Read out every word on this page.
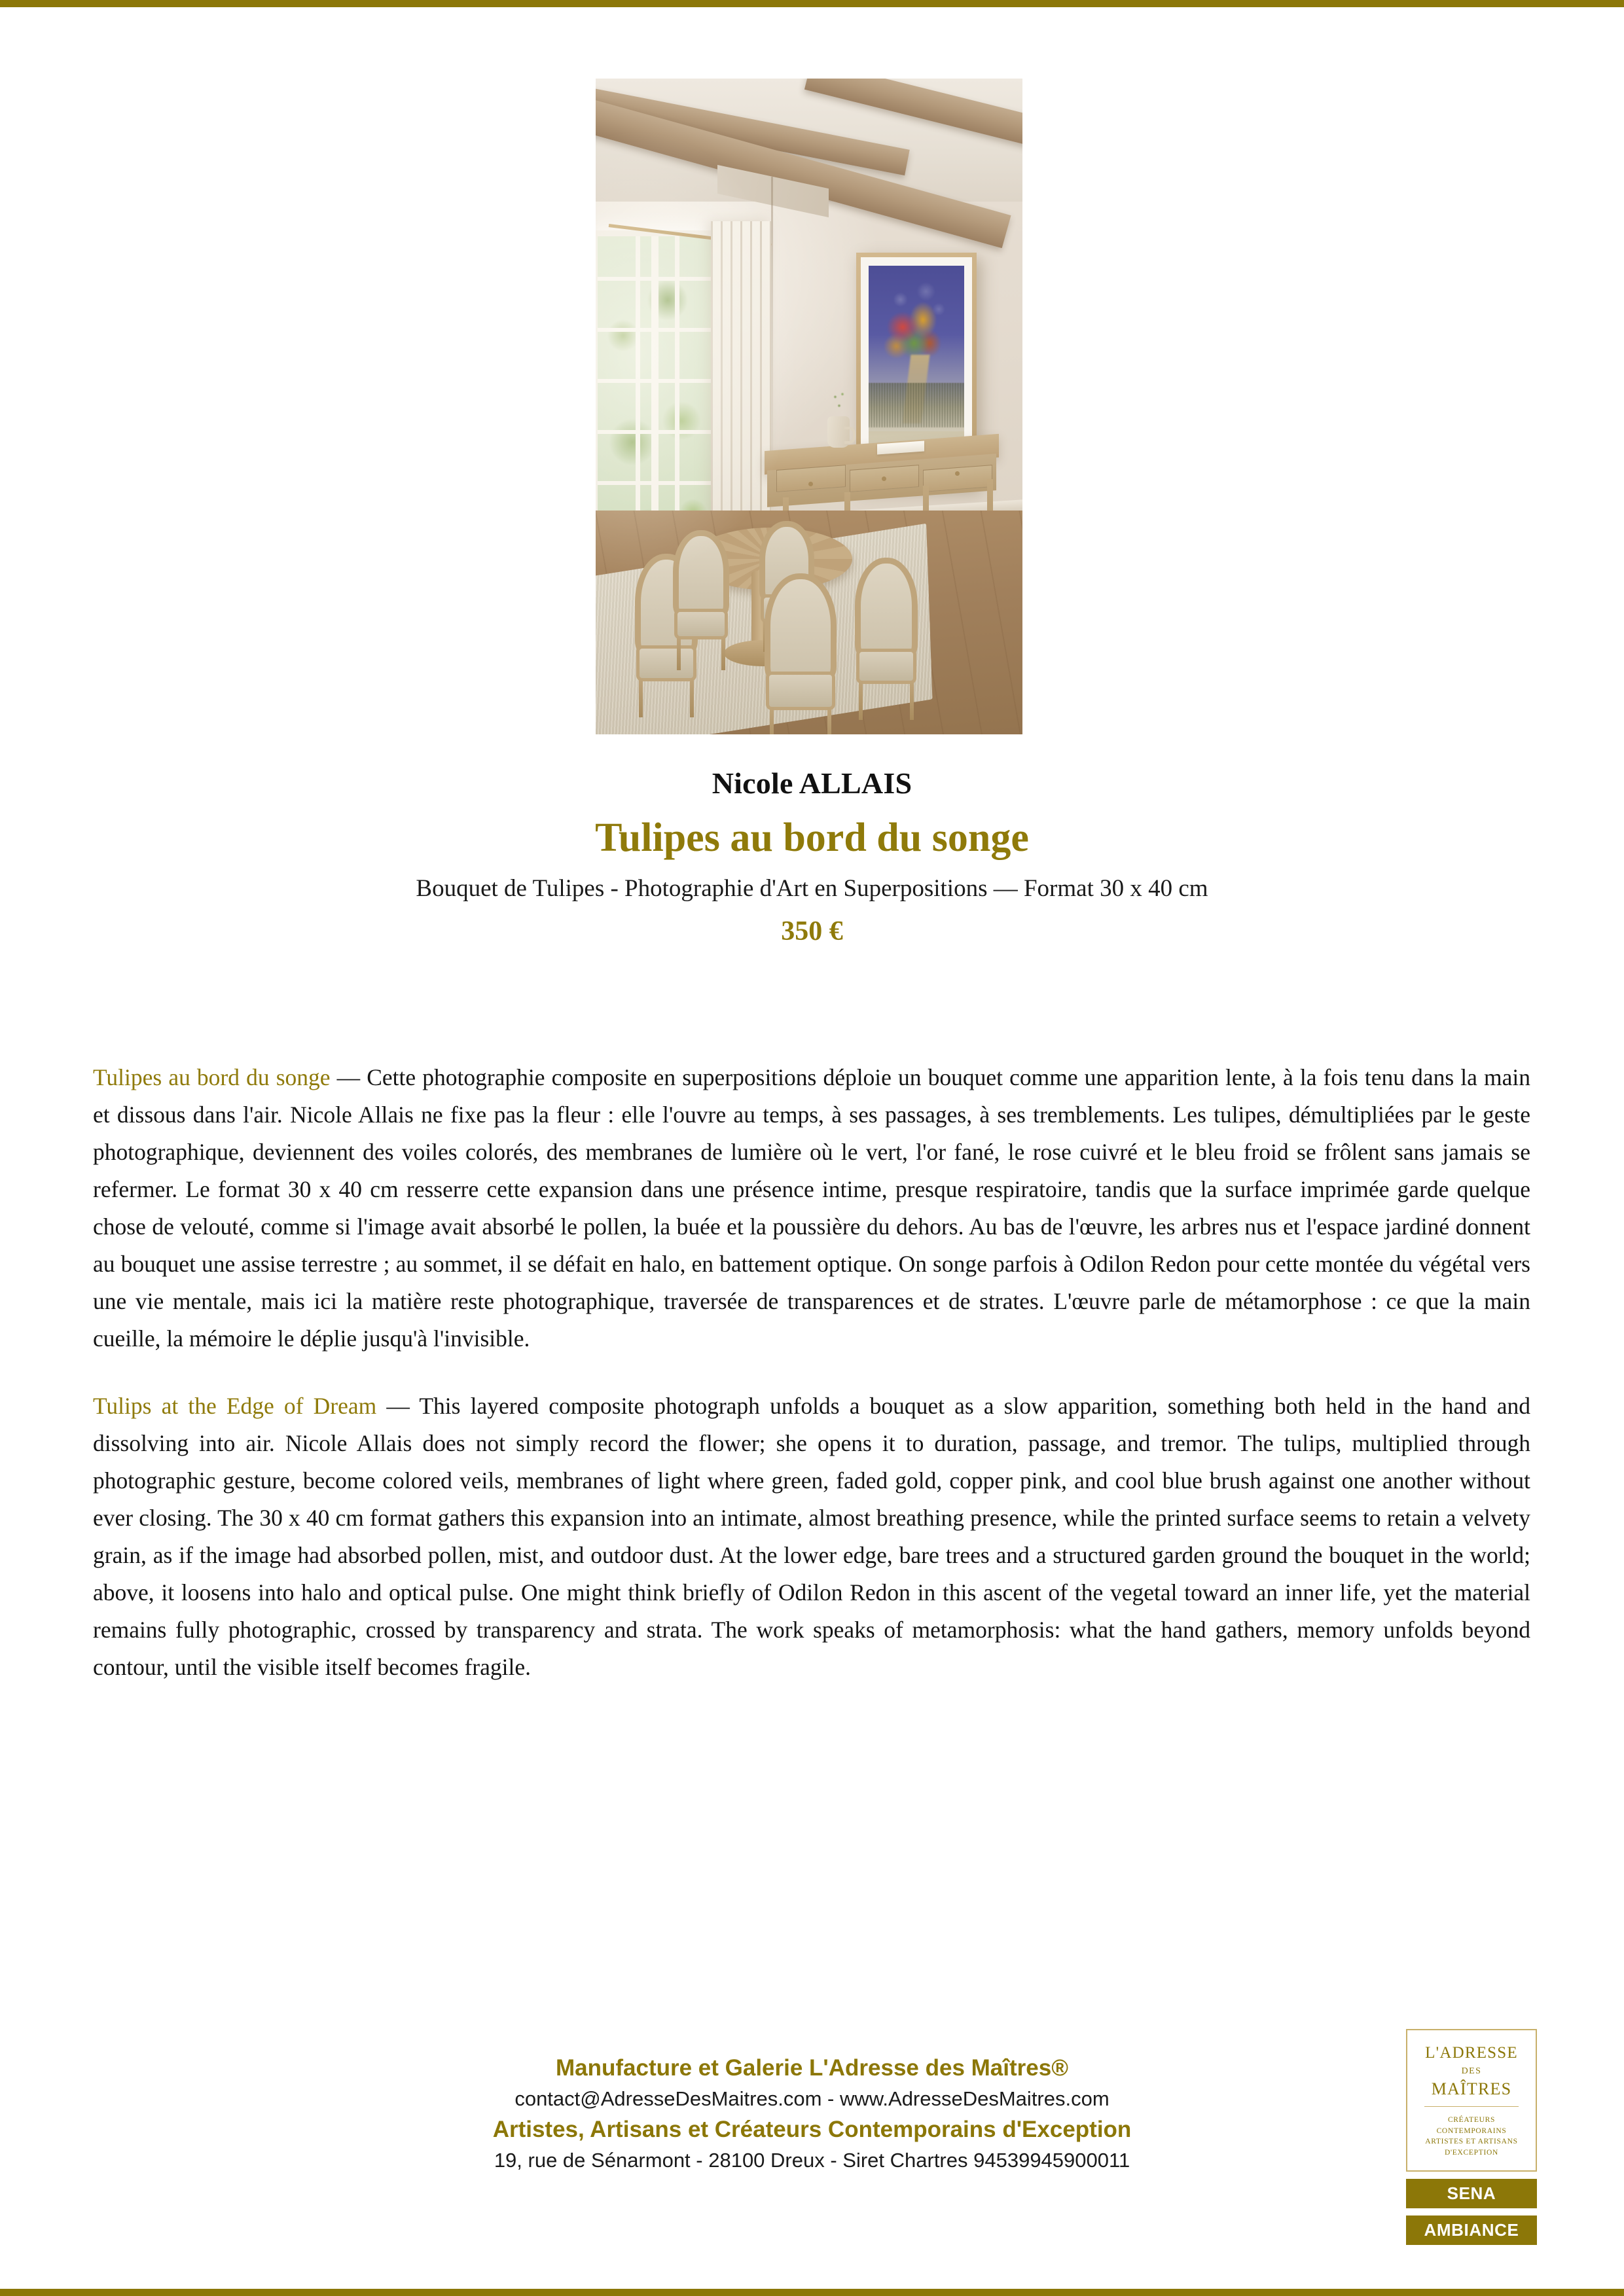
Nicole ALLAIS

Tulipes au bord du songe

Bouquet de Tulipes - Photographie d'Art en Superpositions — Format 30 x 40 cm

350 €

Tulipes au bord du songe — Cette photographie composite en superpositions déploie un bouquet comme une apparition lente, à la fois tenu dans la main et dissous dans l'air. Nicole Allais ne fixe pas la fleur : elle l'ouvre au temps, à ses passages, à ses tremblements. Les tulipes, démultipliées par le geste photographique, deviennent des voiles colorés, des membranes de lumière où le vert, l'or fané, le rose cuivré et le bleu froid se frôlent sans jamais se refermer. Le format 30 x 40 cm resserre cette expansion dans une présence intime, presque respiratoire, tandis que la surface imprimée garde quelque chose de velouté, comme si l'image avait absorbé le pollen, la buée et la poussière du dehors. Au bas de l'œuvre, les arbres nus et l'espace jardiné donnent au bouquet une assise terrestre ; au sommet, il se défait en halo, en battement optique. On songe parfois à Odilon Redon pour cette montée du végétal vers une vie mentale, mais ici la matière reste photographique, traversée de transparences et de strates. L'œuvre parle de métamorphose : ce que la main cueille, la mémoire le déplie jusqu'à l'invisible.

Tulips at the Edge of Dream — This layered composite photograph unfolds a bouquet as a slow apparition, something both held in the hand and dissolving into air. Nicole Allais does not simply record the flower; she opens it to duration, passage, and tremor. The tulips, multiplied through photographic gesture, become colored veils, membranes of light where green, faded gold, copper pink, and cool blue brush against one another without ever closing. The 30 x 40 cm format gathers this expansion into an intimate, almost breathing presence, while the printed surface seems to retain a velvety grain, as if the image had absorbed pollen, mist, and outdoor dust. At the lower edge, bare trees and a structured garden ground the bouquet in the world; above, it loosens into halo and optical pulse. One might think briefly of Odilon Redon in this ascent of the vegetal toward an inner life, yet the material remains fully photographic, crossed by transparency and strata. The work speaks of metamorphosis: what the hand gathers, memory unfolds beyond contour, until the visible itself becomes fragile.

Manufacture et Galerie L'Adresse des Maîtres®

contact@AdresseDesMaitres.com - www.AdresseDesMaitres.com

Artistes, Artisans et Créateurs Contemporains d'Exception

19, rue de Sénarmont - 28100 Dreux - Siret Chartres 94539945900011

L'ADRESSE
DES
MAÎTRES
CRÉATEURS CONTEMPORAINS
ARTISTES ET ARTISANS
D'EXCEPTION
SENA
AMBIANCE
